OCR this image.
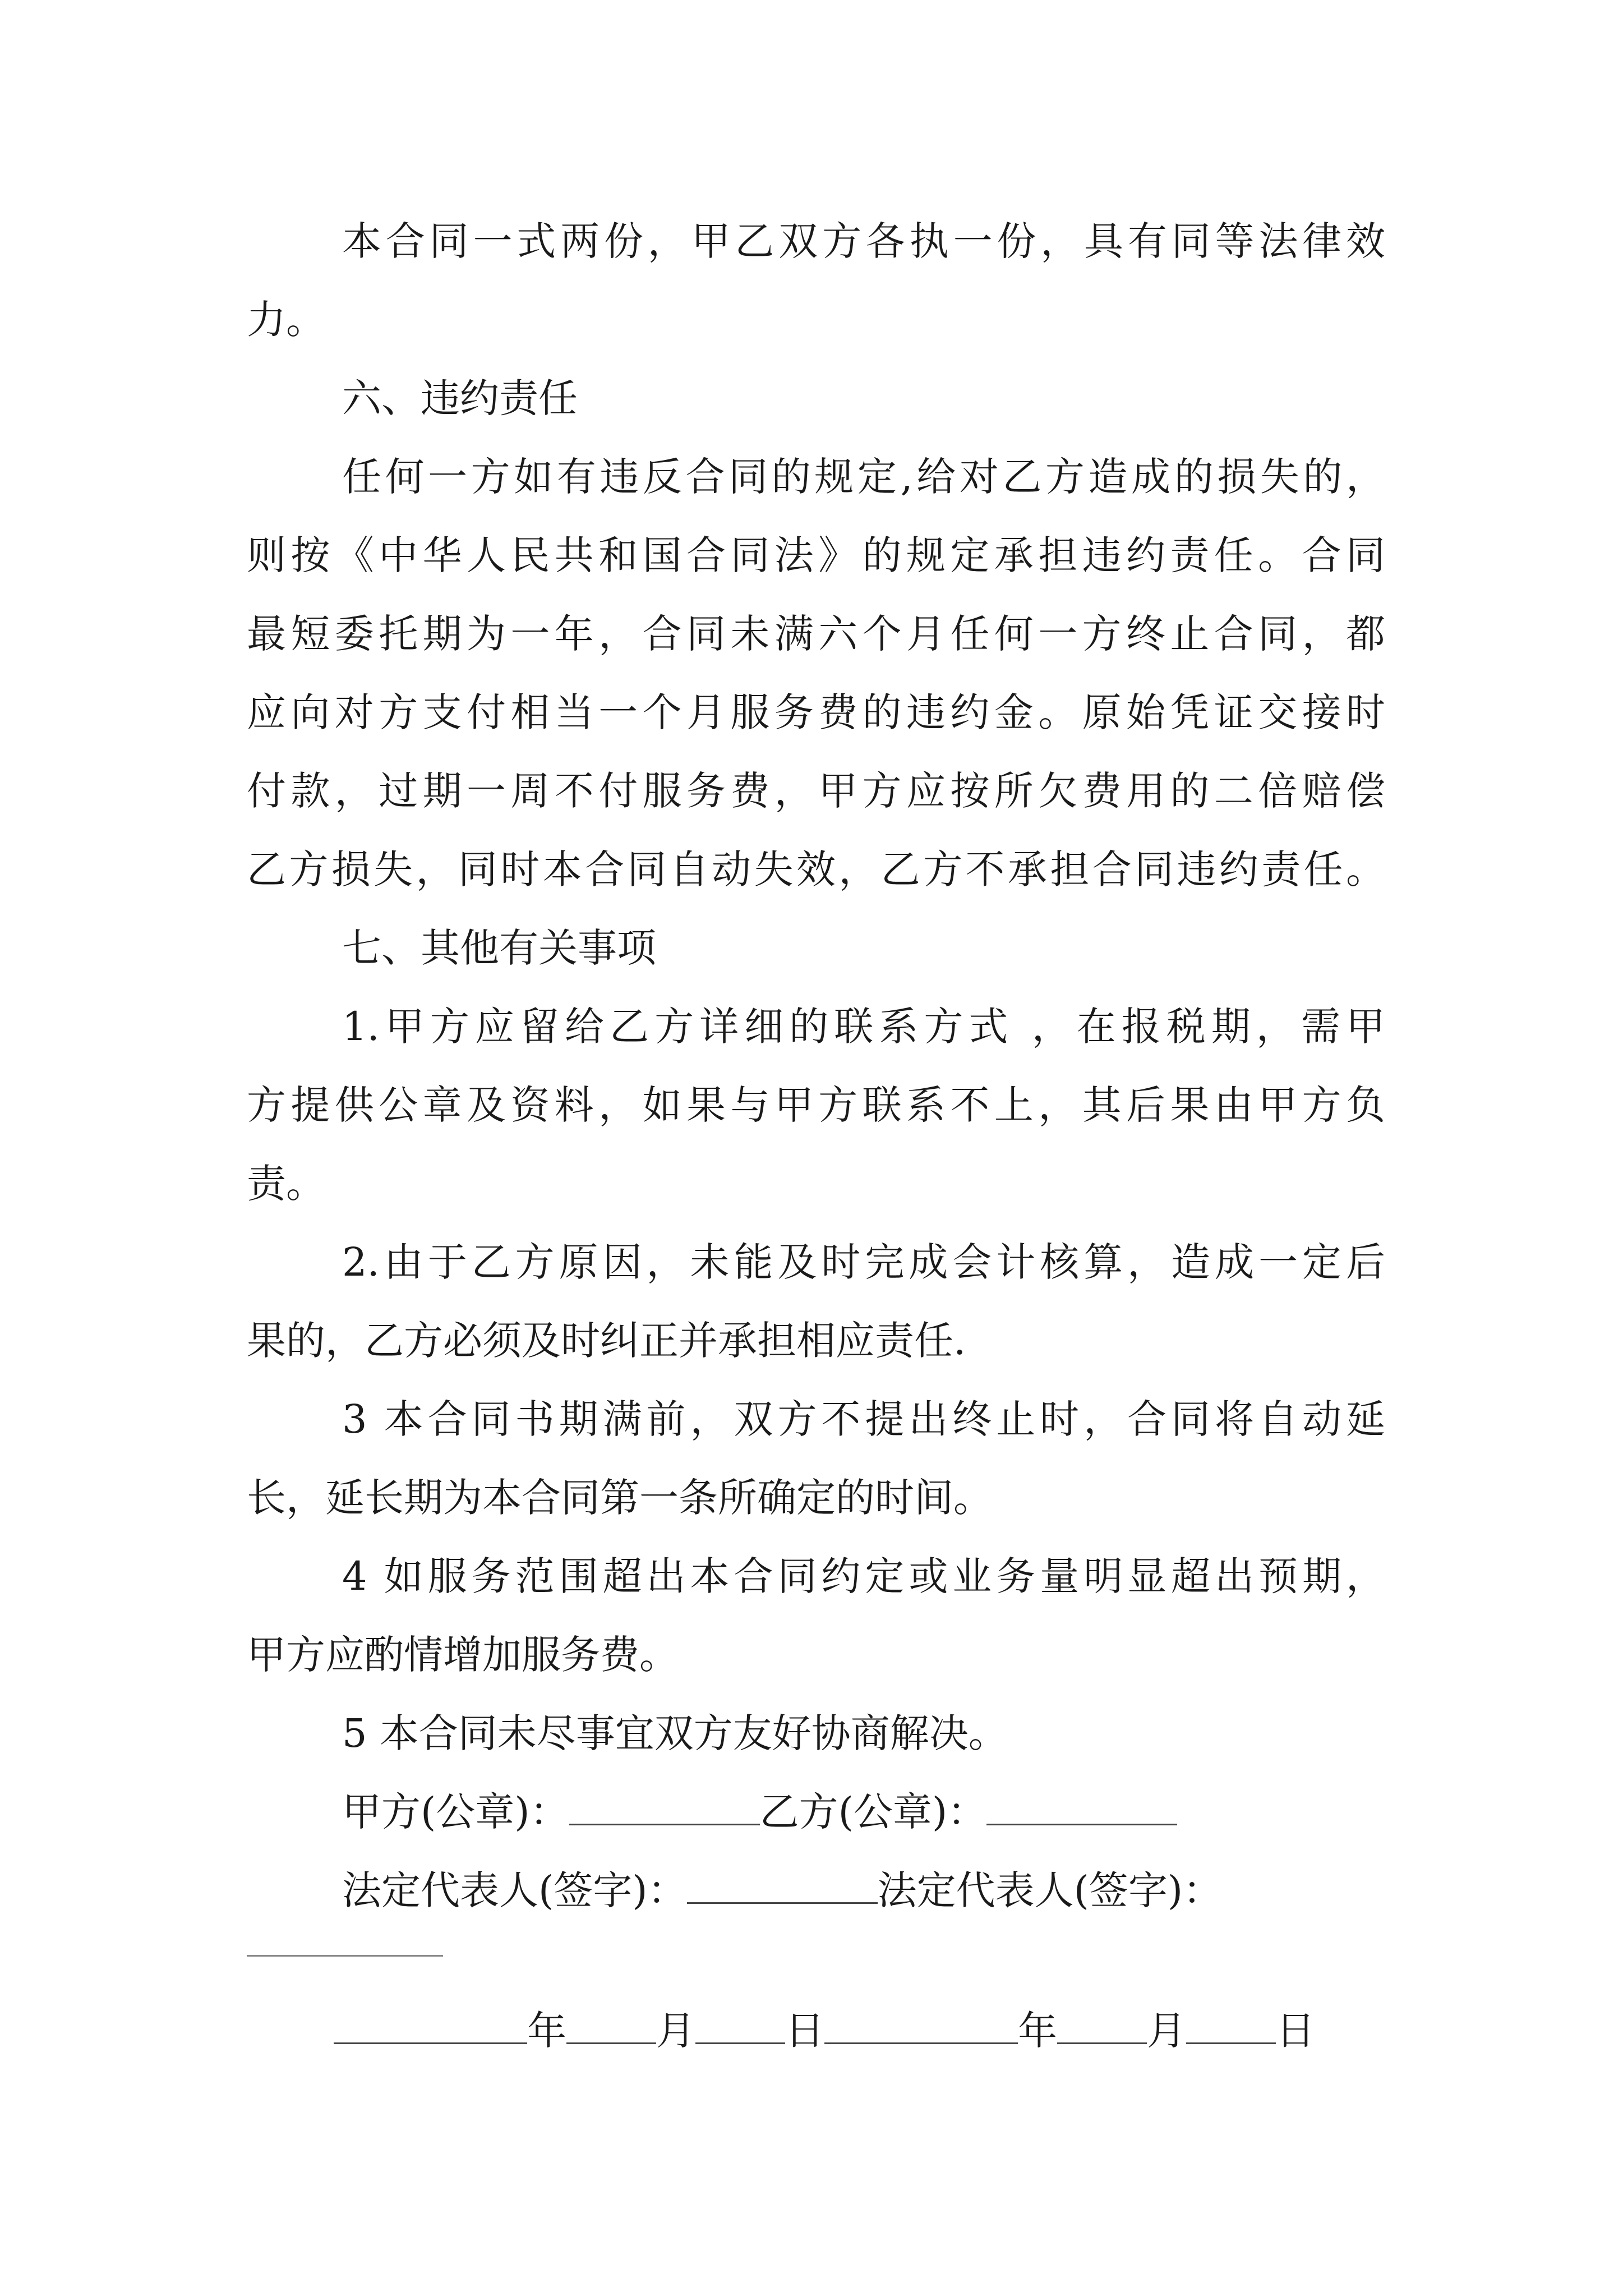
本合同一式两份，甲乙双方各执一份，具有同等法律效
力。
六、违约责任
任何一方如有违反合同的规定,给对乙方造成的损失的，
则按《中华人民共和国合同法》的规定承担违约责任。合同
最短委托期为一年，合同未满六个月任何一方终止合同，都
应向对方支付相当一个月服务费的违约金。原始凭证交接时
付款，过期一周不付服务费，甲方应按所欠费用的二倍赔偿
乙方损失，同时本合同自动失效，乙方不承担合同违约责任。
七、其他有关事项
1.甲方应留给乙方详细的联系方式 ，在报税期，需甲
方提供公章及资料，如果与甲方联系不上，其后果由甲方负
责。
2.由于乙方原因，未能及时完成会计核算，造成一定后
果的，乙方必须及时纠正并承担相应责任.
3 本合同书期满前，双方不提出终止时，合同将自动延
长，延长期为本合同第一条所确定的时间。
4 如服务范围超出本合同约定或业务量明显超出预期，
甲方应酌情增加服务费。
5 本合同未尽事宜双方友好协商解决。
甲方(公章)：	乙方(公章)：
法定代表人(签字)：	法定代表人(签字)：
年 月 日	年 月 日
